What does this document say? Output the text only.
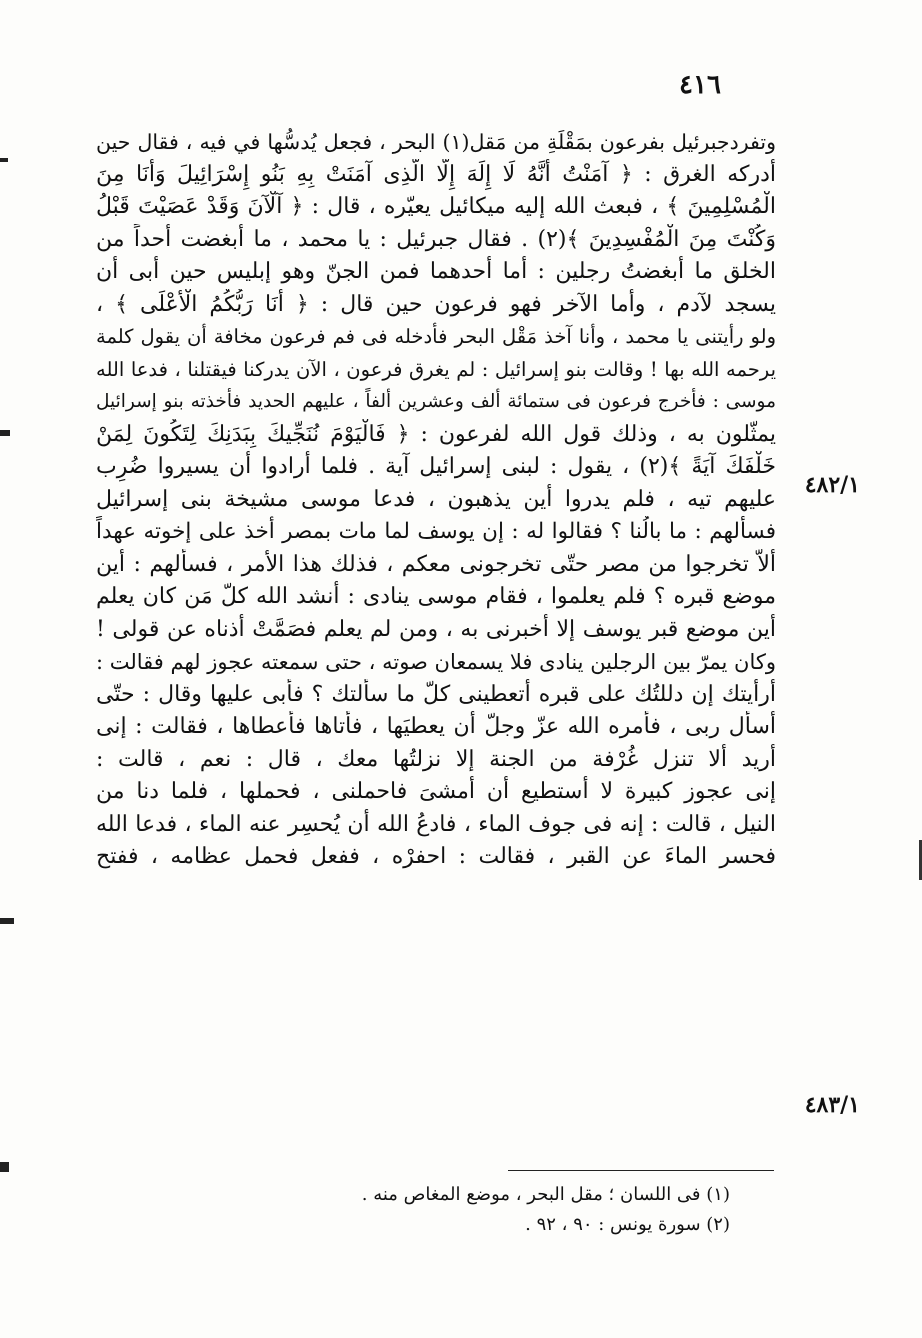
٤١٦
وتفردجبرئيل بفرعون بمَقْلَةِ من مَقل(١) البحر ، فجعل يُدسُّها في فيه ، فقال حين
أدركه الغرق : ﴿ آمَنْتُ أَنَّهُ لَا إِلَهَ إِلَّا الَّذِى آمَنَتْ بِهِ بَنُو إِسْرَائِيلَ وَأَنَا مِنَ
الْمُسْلِمِينَ ﴾ ، فبعث الله إليه ميكائيل يعيّره ، قال : ﴿ آلْآنَ وَقَدْ عَصَيْتَ قَبْلُ
وَكُنْتَ مِنَ الْمُفْسِدِينَ ﴾(٢) . فقال جبرئيل : يا محمد ، ما أبغضت أحداً من
الخلق ما أبغضتُ رجلين : أما أحدهما فمن الجنّ وهو إبليس حين أبى أن
يسجد لآدم ، وأما الآخر فهو فرعون حين قال : ﴿ أَنَا رَبُّكُمُ الْأَعْلَى ﴾ ،
ولو رأيتنى يا محمد ، وأنا آخذ مَقْل البحر فأدخله فى فم فرعون مخافة أن يقول كلمة
يرحمه الله بها ! وقالت بنو إسرائيل : لم يغرق فرعون ، الآن يدركنا فيقتلنا ، فدعا الله
موسى : فأخرج فرعون فى ستمائة ألف وعشرين ألفاً ، عليهم الحديد فأخذته بنو إسرائيل
يمثّلون به ، وذلك قول الله لفرعون : ﴿ فَالْيَوْمَ نُنَجِّيكَ بِبَدَنِكَ لِتَكُونَ لِمَنْ
خَلْفَكَ آيَةً ﴾(٢) ، يقول : لبنى إسرائيل آية . فلما أرادوا أن يسيروا ضُرِب
عليهم تيه ، فلم يدروا أين يذهبون ، فدعا موسى مشيخة بنى إسرائيل
فسألهم : ما بالُنا ؟ فقالوا له : إن يوسف لما مات بمصر أخذ على إخوته عهداً
ألاّ تخرجوا من مصر حتّى تخرجونى معكم ، فذلك هذا الأمر ، فسألهم : أين
موضع قبره ؟ فلم يعلموا ، فقام موسى ينادى : أنشد الله كلّ مَن كان يعلم
أين موضع قبر يوسف إلا أخبرنى به ، ومن لم يعلم فصَمَّتْ أذناه عن قولى !
وكان يمرّ بين الرجلين ينادى فلا يسمعان صوته ، حتى سمعته عجوز لهم فقالت :
أرأيتك إن دللتُك على قبره أتعطينى كلّ ما سألتك ؟ فأبى عليها وقال : حتّى
أسأل ربى ، فأمره الله عزّ وجلّ أن يعطيَها ، فأتاها فأعطاها ، فقالت : إنى
أريد ألا تنزل غُرْفة من الجنة إلا نزلتُها معك ، قال : نعم ، قالت :
إنى عجوز كبيرة لا أستطيع أن أمشىَ فاحملنى ، فحملها ، فلما دنا من
النيل ، قالت : إنه فى جوف الماء ، فادعُ الله أن يُحسِر عنه الماء ، فدعا الله
فحسر الماءَ عن القبر ، فقالت : احفرْه ، ففعل فحمل عظامه ، ففتح
٤٨٢/١
٤٨٣/١
(١) فى اللسان ؛ مقل البحر ، موضع المغاص منه .
(٢) سورة يونس : ٩٠ ، ٩٢ .
